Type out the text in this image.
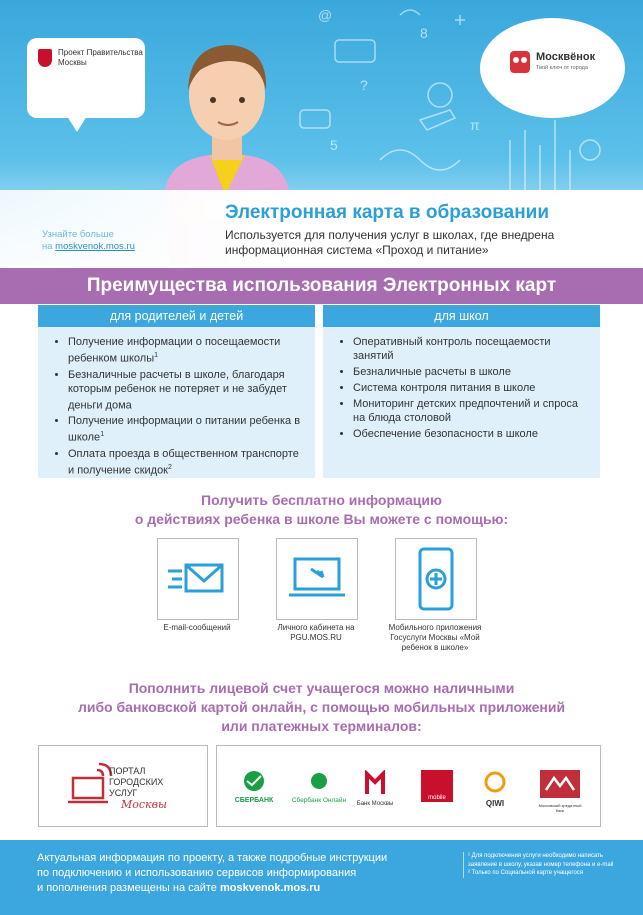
@
8
?
π
5
Проект Правительства Москвы	Москвёнок
Твой ключ от города
Узнайте больше
на moskvenok.mos.ru
Электронная карта в образовании
Используется для получения услуг в школах, где внедрена информационная система «Проход и питание»
Преимущества использования Электронных карт
для родителей и детей
• Получение информации о посещаемости ребенком школы$^1$
• Безналичные расчеты в школе, благодаря которым ребенок не потеряет и не забудет деньги дома
• Получение информации о питании ребенка в школе$^1$
• Оплата проезда в общественном транспорте и получение скидок$^2$
для школ
• Оперативный контроль посещаемости занятий
• Безналичные расчеты в школе
• Система контроля питания в школе
• Мониторинг детских предпочтений и спроса на блюда столовой
• Обеспечение безопасности в школе
Получить бесплатно информацию
о действиях ребенка в школе Вы можете с помощью:
E-mail-сообщений	Личного кабинета на PGU.MOS.RU
Мобильного приложения Госуслуги Москвы «Мой ребенок в школе»
Пополнить лицевой счет учащегося можно наличными
либо банковской картой онлайн, с помощью мобильных приложений
или платежных терминалов:
ПОРТАЛ
ГОРОДСКИХ
УСЛУГ
Москвы	СБЕРБАНК	Сбербанк Онлайн	Банк Москвы
mobile
QIWI	Московский кредитный банк
Актуальная информация по проекту, а также подробные инструкции
по подключению и использованию сервисов информирования
и пополнения размещены на сайте moskvenok.mos.ru
¹ Для подключения услуги необходимо написать заявление в школу, указав номер телефона и e-mail
² Только по Социальной карте учащегося
